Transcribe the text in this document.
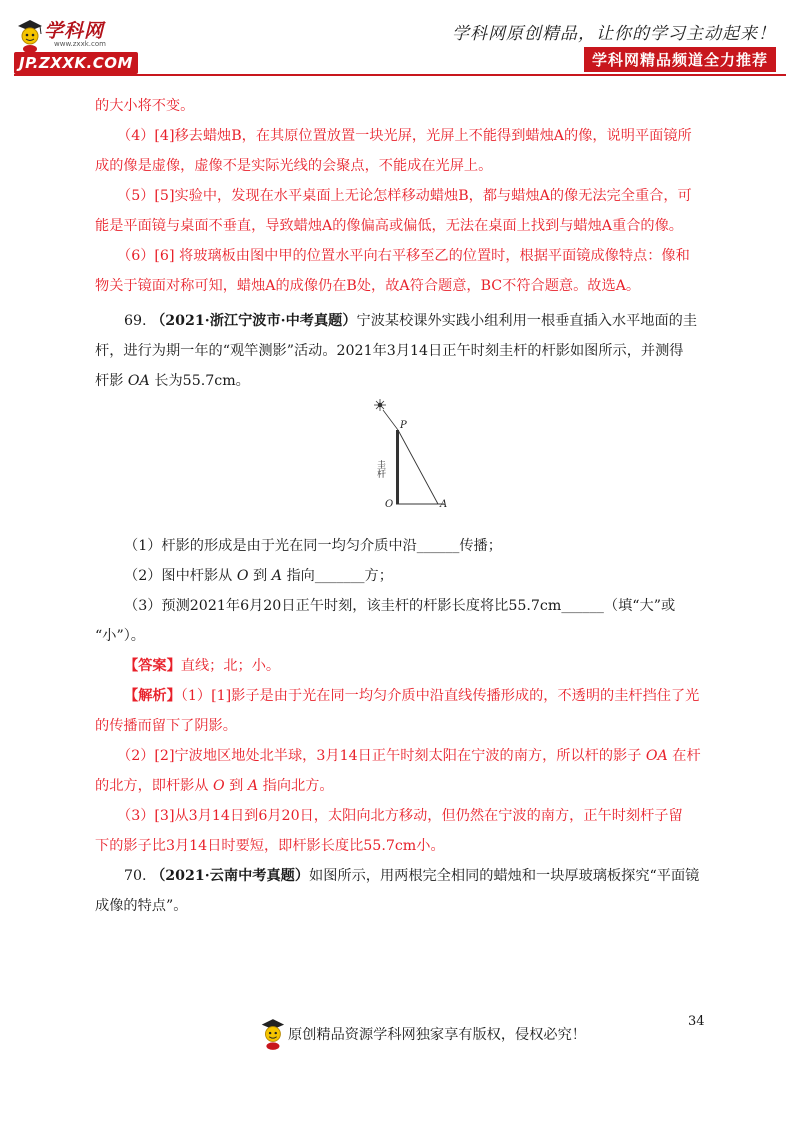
学科网
www.zxxk.com
JP.ZXXK.COM
学科网原创精品，让你的学习主动起来！
学科网精品频道全力推荐
的大小将不变。
（4）[4]移去蜡烛B，在其原位置放置一块光屏，光屏上不能得到蜡烛A的像，说明平面镜所
成的像是虚像，虚像不是实际光线的会聚点，不能成在光屏上。
（5）[5]实验中，发现在水平桌面上无论怎样移动蜡烛B，都与蜡烛A的像无法完全重合，可
能是平面镜与桌面不垂直，导致蜡烛A的像偏高或偏低，无法在桌面上找到与蜡烛A重合的像。
（6）[6] 将玻璃板由图中甲的位置水平向右平移至乙的位置时，根据平面镜成像特点：像和
物关于镜面对称可知，蜡烛A的成像仍在B处，故A符合题意，BC不符合题意。故选A。
69. （2021·浙江宁波市·中考真题）宁波某校课外实践小组利用一根垂直插入水平地面的圭
杆，进行为期一年的“观竿测影”活动。2021年3月14日正午时刻圭杆的杆影如图所示，并测得
杆影 OA 长为55.7cm。
P
O	A
圭杆
（1）杆影的形成是由于光在同一均匀介质中沿______传播；
（2）图中杆影从 O 到 A 指向_______方；
（3）预测2021年6月20日正午时刻，该圭杆的杆影长度将比55.7cm______（填“大”或
“小”）。
【答案】直线；北；小。
【解析】（1）[1]影子是由于光在同一均匀介质中沿直线传播形成的，不透明的圭杆挡住了光
的传播而留下了阴影。
（2）[2]宁波地区地处北半球，3月14日正午时刻太阳在宁波的南方，所以杆的影子 OA 在杆
的北方，即杆影从 O 到 A 指向北方。
（3）[3]从3月14日到6月20日，太阳向北方移动，但仍然在宁波的南方，正午时刻杆子留
下的影子比3月14日时要短，即杆影长度比55.7cm小。
70. （2021·云南中考真题）如图所示，用两根完全相同的蜡烛和一块厚玻璃板探究“平面镜
成像的特点”。
34
原创精品资源学科网独家享有版权，侵权必究！
